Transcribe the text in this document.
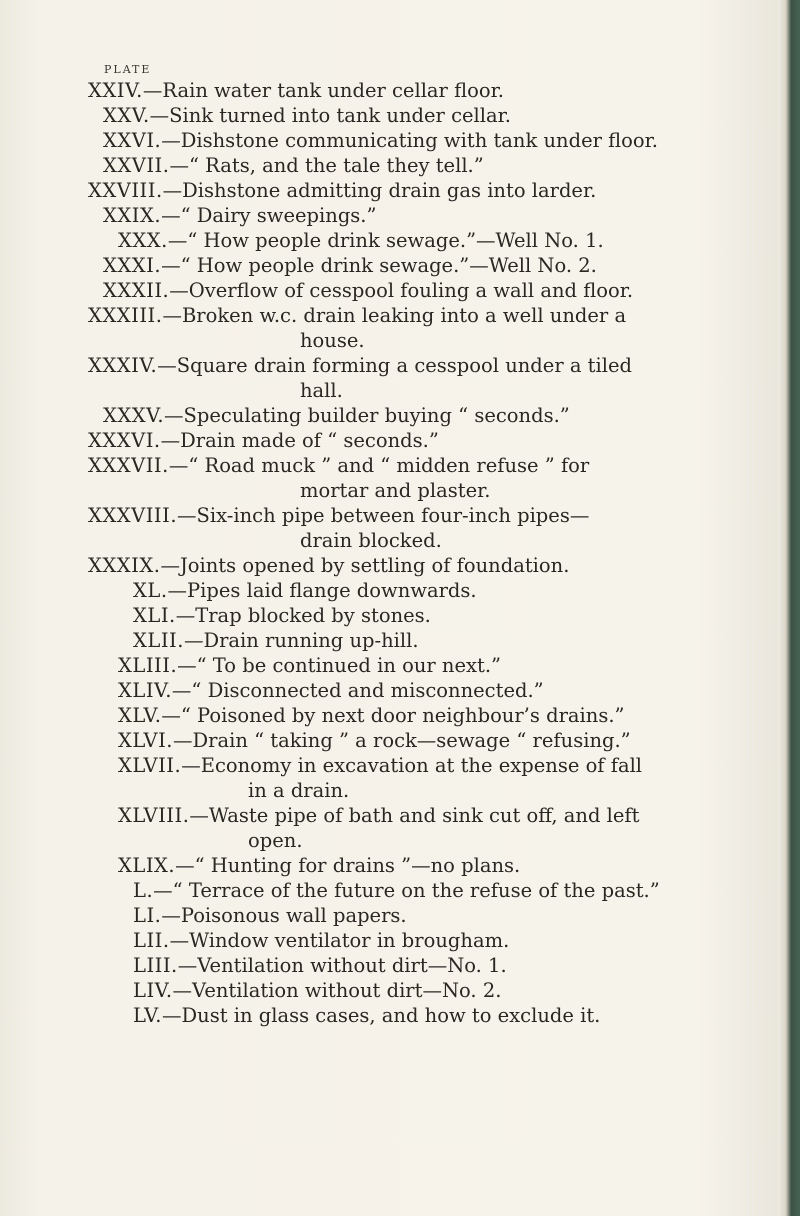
PLATE
XXIV.—Rain water tank under cellar floor.
XXV.—Sink turned into tank under cellar.
XXVI.—Dishstone communicating with tank under floor.
XXVII.—“ Rats, and the tale they tell.”
XXVIII.—Dishstone admitting drain gas into larder.
XXIX.—“ Dairy sweepings.”
XXX.—“ How people drink sewage.”—Well No. 1.
XXXI.—“ How people drink sewage.”—Well No. 2.
XXXII.—Overflow of cesspool fouling a wall and floor.
XXXIII.—Broken w.c. drain leaking into a well under a
house.
XXXIV.—Square drain forming a cesspool under a tiled
hall.
XXXV.—Speculating builder buying “ seconds.”
XXXVI.—Drain made of “ seconds.”
XXXVII.—“ Road muck ” and “ midden refuse ” for
mortar and plaster.
XXXVIII.—Six-inch pipe between four-inch pipes—
drain blocked.
XXXIX.—Joints opened by settling of foundation.
XL.—Pipes laid flange downwards.
XLI.—Trap blocked by stones.
XLII.—Drain running up-hill.
XLIII.—“ To be continued in our next.”
XLIV.—“ Disconnected and misconnected.”
XLV.—“ Poisoned by next door neighbour’s drains.”
XLVI.—Drain “ taking ” a rock—sewage “ refusing.”
XLVII.—Economy in excavation at the expense of fall
in a drain.
XLVIII.—Waste pipe of bath and sink cut off, and left
open.
XLIX.—“ Hunting for drains ”—no plans.
L.—“ Terrace of the future on the refuse of the past.”
LI.—Poisonous wall papers.
LII.—Window ventilator in brougham.
LIII.—Ventilation without dirt—No. 1.
LIV.—Ventilation without dirt—No. 2.
LV.—Dust in glass cases, and how to exclude it.
